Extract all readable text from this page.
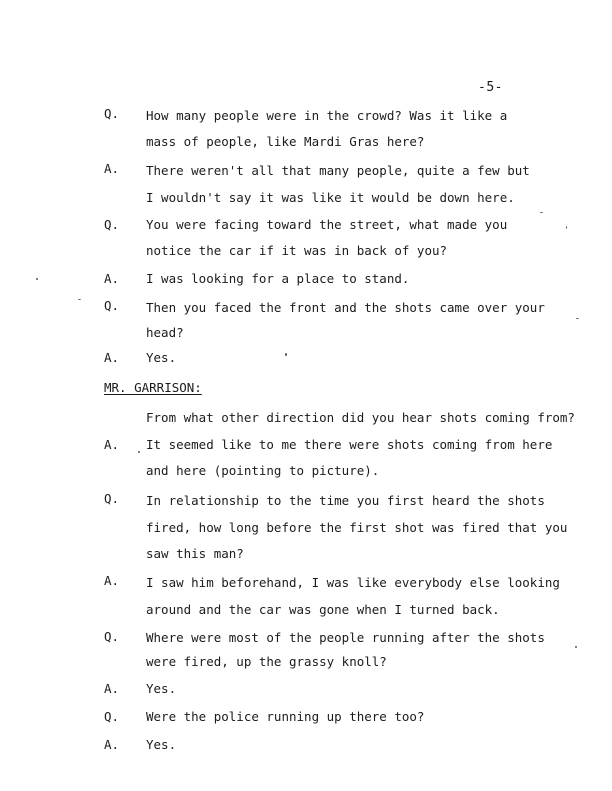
-5-
Q. How many people were in the crowd? Was it like a
mass of people, like Mardi Gras here?
A. There weren't all that many people, quite a few but
I wouldn't say it was like it would be down here.
Q. You were facing toward the street, what made you
notice the car if it was in back of you?
A. I was looking for a place to stand.
Q. Then you faced the front and the shots came over your
head?
A. Yes.
MR. GARRISON:
From what other direction did you hear shots coming from?
A. It seemed like to me there were shots coming from here
and here (pointing to picture).
Q. In relationship to the time you first heard the shots
fired, how long before the first shot was fired that you
saw this man?
A. I saw him beforehand, I was like everybody else looking
around and the car was gone when I turned back.
Q. Where were most of the people running after the shots
were fired, up the grassy knoll?
A. Yes.
Q. Were the police running up there too?
A. Yes.
